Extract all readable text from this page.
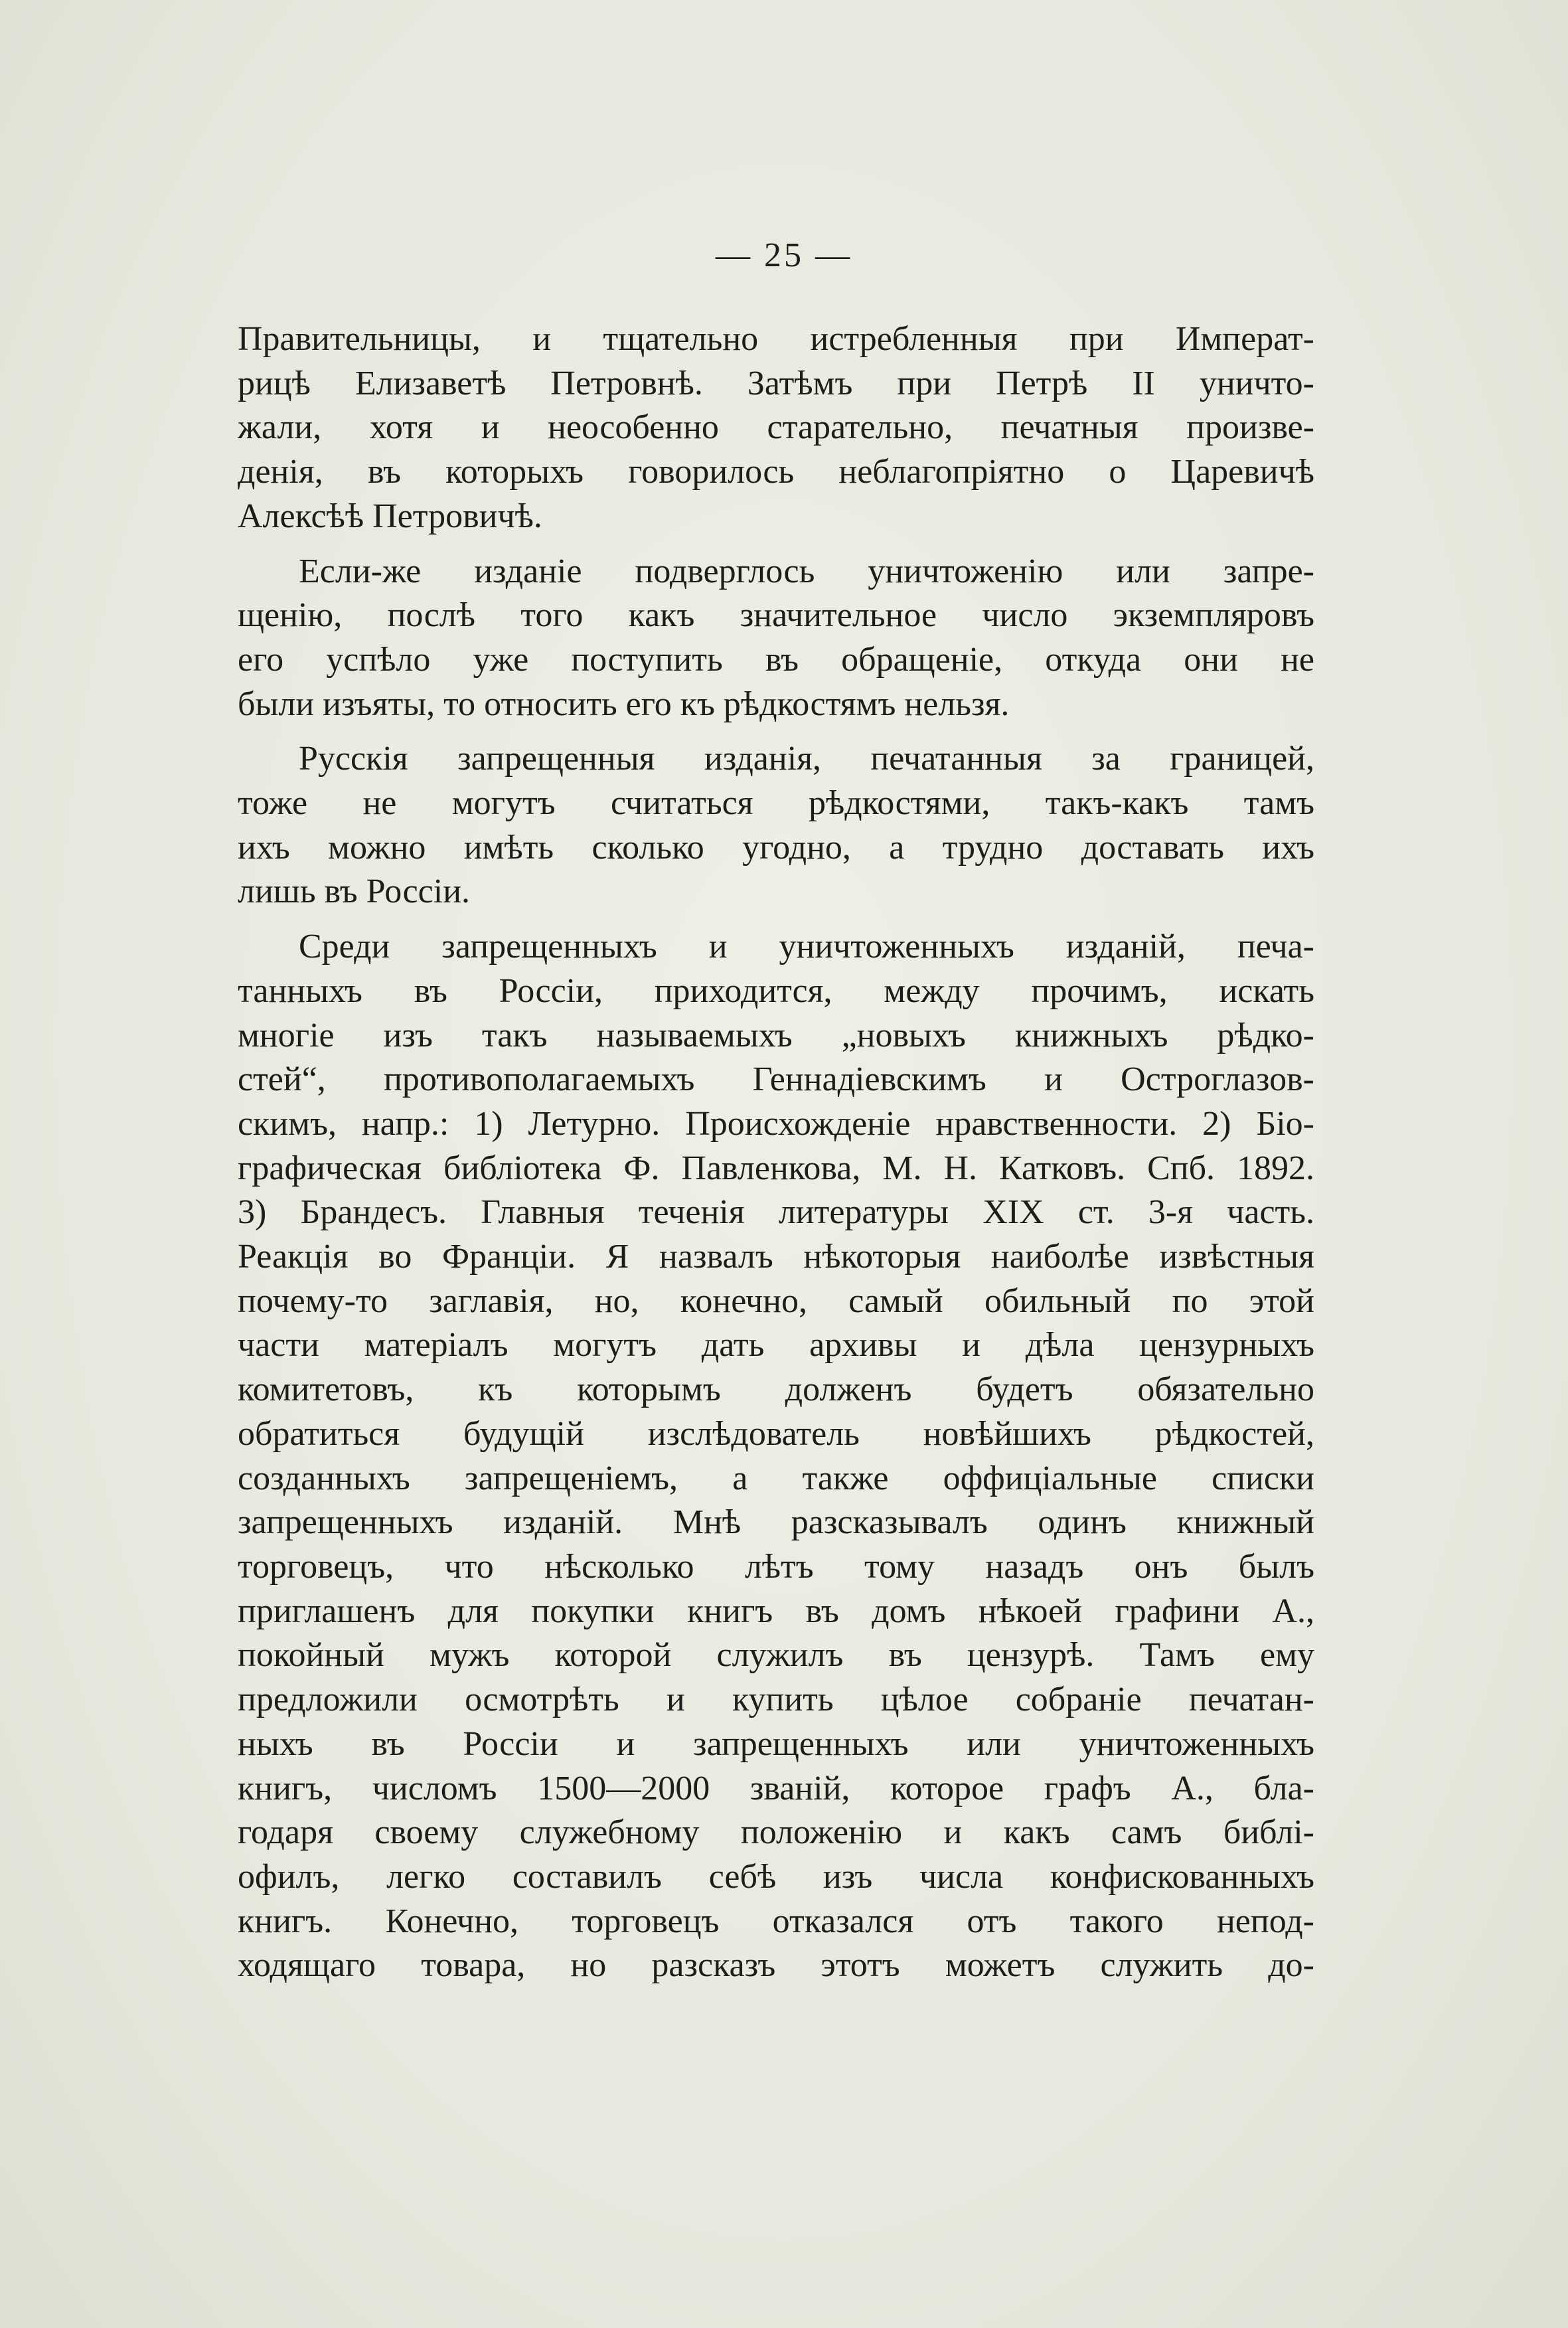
— 25 —
Правительницы, и тщательно истребленныя при Императ-
рицѣ Елизаветѣ Петровнѣ. Затѣмъ при Петрѣ II уничто-
жали, хотя и неособенно старательно, печатныя произве-
денія, въ которыхъ говорилось неблагопріятно о Царевичѣ
Алексѣѣ Петровичѣ.
Если-же изданіе подверглось уничтоженію или запре-
щенію, послѣ того какъ значительное число экземпляровъ
его успѣло уже поступить въ обращеніе, откуда они не
были изъяты, то относить его къ рѣдкостямъ нельзя.
Русскія запрещенныя изданія, печатанныя за границей,
тоже не могутъ считаться рѣдкостями, такъ-какъ тамъ
ихъ можно имѣть сколько угодно, а трудно доставать ихъ
лишь въ Россіи.
Среди запрещенныхъ и уничтоженныхъ изданій, печа-
танныхъ въ Россіи, приходится, между прочимъ, искать
многіе изъ такъ называемыхъ „новыхъ книжныхъ рѣдко-
стей“, противополагаемыхъ Геннадіевскимъ и Остроглазов-
скимъ, напр.: 1) Летурно. Происхожденіе нравственности. 2) Біо-
графическая библіотека Ф. Павленкова, М. Н. Катковъ. Спб. 1892.
3) Брандесъ. Главныя теченія литературы XIX ст. 3-я часть.
Реакція во Франціи. Я назвалъ нѣкоторыя наиболѣе извѣстныя
почему-то заглавія, но, конечно, самый обильный по этой
части матеріалъ могутъ дать архивы и дѣла цензурныхъ
комитетовъ, къ которымъ долженъ будетъ обязательно
обратиться будущій изслѣдователь новѣйшихъ рѣдкостей,
созданныхъ запрещеніемъ, а также оффиціальные списки
запрещенныхъ изданій. Мнѣ разсказывалъ одинъ книжный
торговецъ, что нѣсколько лѣтъ тому назадъ онъ былъ
приглашенъ для покупки книгъ въ домъ нѣкоей графини А.,
покойный мужъ которой служилъ въ цензурѣ. Тамъ ему
предложили осмотрѣть и купить цѣлое собраніе печатан-
ныхъ въ Россіи и запрещенныхъ или уничтоженныхъ
книгъ, числомъ 1500—2000 званій, котороe графъ А., бла-
годаря своему служебному положенію и какъ самъ библі-
офилъ, легко составилъ себѣ изъ числа конфискованныхъ
книгъ. Конечно, торговецъ отказался отъ такого непод-
ходящаго товара, но разсказъ этотъ можетъ служить до-
